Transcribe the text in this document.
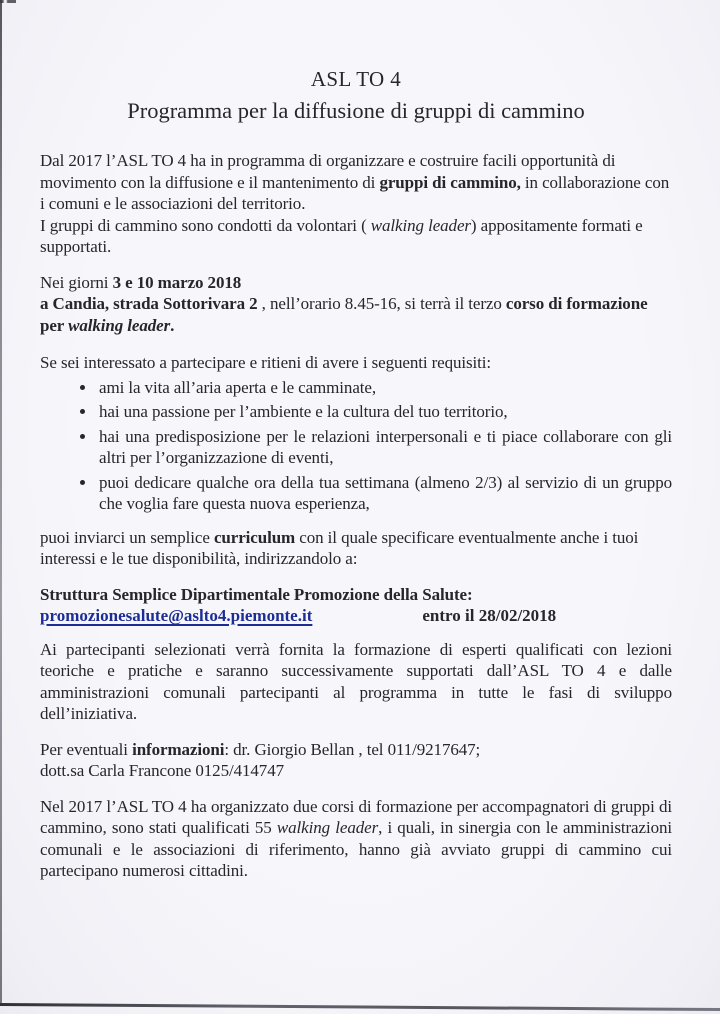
ASL TO 4
Programma per la diffusione di gruppi di cammino

Dal 2017 l’ASL TO 4 ha in programma di organizzare e costruire facili opportunità di movimento con la diffusione e il mantenimento di gruppi di cammino, in collaborazione con i comuni e le associazioni del territorio.
I gruppi di cammino sono condotti da volontari ( walking leader) appositamente formati e supportati.

Nei giorni 3 e 10 marzo 2018
a Candia, strada Sottorivara 2 , nell’orario 8.45-16, si terrà il terzo corso di formazione per walking leader.

Se sei interessato a partecipare e ritieni di avere i seguenti requisiti:

• ami la vita all’aria aperta e le camminate,
• hai una passione per l’ambiente e la cultura del tuo territorio,
• hai una predisposizione per le relazioni interpersonali e ti piace collaborare con gli altri per l’organizzazione di eventi,
• puoi dedicare qualche ora della tua settimana (almeno 2/3) al servizio di un gruppo che voglia fare questa nuova esperienza,

puoi inviarci un semplice curriculum con il quale specificare eventualmente anche i tuoi interessi e le tue disponibilità, indirizzandolo a:

Struttura Semplice Dipartimentale Promozione della Salute:
promozionesalute@aslto4.piemonte.it	entro il 28/02/2018

Ai partecipanti selezionati verrà fornita la formazione di esperti qualificati con lezioni teoriche e pratiche e saranno successivamente supportati dall’ASL TO 4 e dalle amministrazioni comunali partecipanti al programma in tutte le fasi di sviluppo dell’iniziativa.

Per eventuali informazioni: dr. Giorgio Bellan , tel 011/9217647;
dott.sa Carla Francone 0125/414747

Nel 2017 l’ASL TO 4 ha organizzato due corsi di formazione per accompagnatori di gruppi di cammino, sono stati qualificati 55 walking leader, i quali, in sinergia con le amministrazioni comunali e le associazioni di riferimento, hanno già avviato gruppi di cammino cui partecipano numerosi cittadini.
